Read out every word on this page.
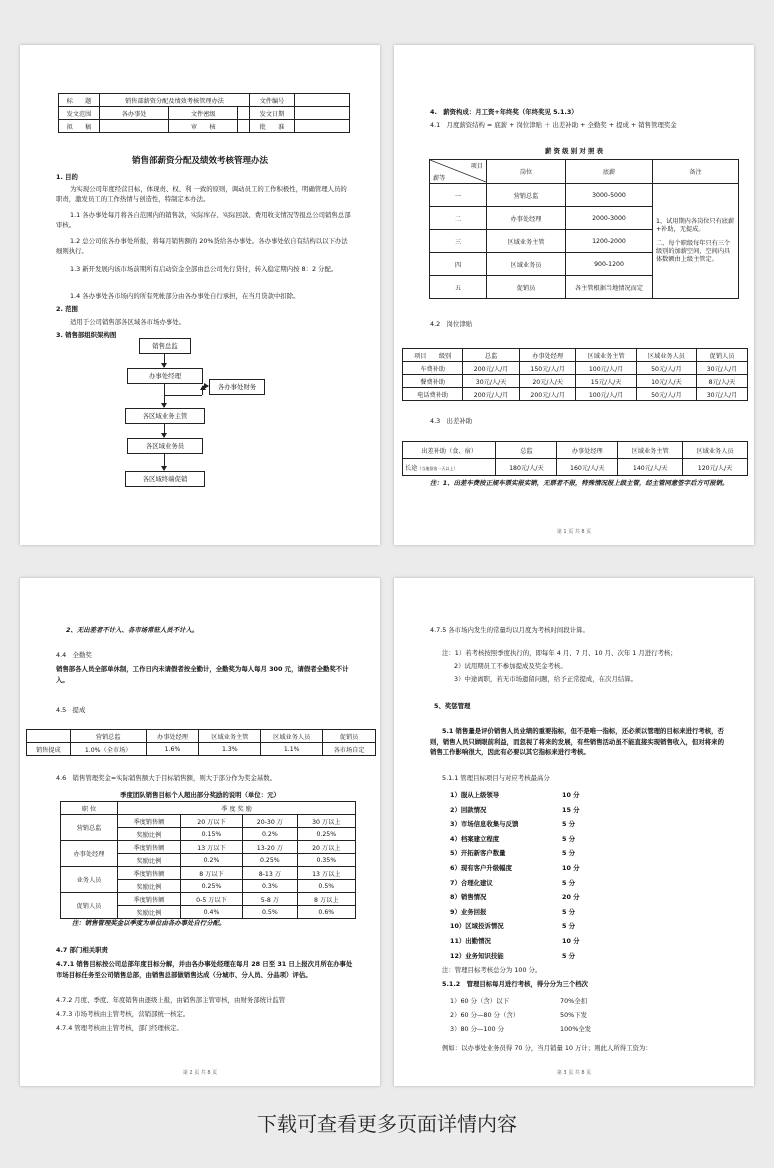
标　　题	销售部薪资分配及绩效考核管理办法			文件编号	
发文范围	各办事处	文件密级		发文日期	
拟　　稿		审　　核		批　　准	
销售部薪资分配及绩效考核管理办法
1. 目的
为实现公司年度经营目标，体现责、权、利 一致的原则，调动员工的工作积极性，明确管理人员的职责，激发员工的工作热情与创造性，特制定本办法。
1.1 各办事处每月将各自范围内的销售款，实际库存、实际回款、费用收支情况等报总公司销售总部审核。
1.2 总公司依各办事处所报，将每月销售额的 20%货给各办事处。各办事处依自有结构以以下办法细则执行。
1.3 新开发展内该市场前期所有启动资金全部由总公司先行贷付，转入稳定期内按 8：2 分配。
1.4 各办事处各市场内的所有死帐部分由各办事处自行承担，在当月贷款中扣除。
2. 范围
适用于公司销售部各区域各市场办事处。
3. 销售部组织架构图
销售总监
办事处经理
各办事处财务
各区域业务主管
各区域业务员
各区域终端促销
4.　薪资构成：月工资+年终奖（年终奖见 5.1.3）
4.1　月度薪资结构 = 底薪 + 岗位津贴 ＋ 出差补助 + 全勤奖 + 提成 + 销售管理奖金
薪 资 级 别 对 照 表
项目
薪等	岗位	底薪	备注
一	营销总监	3000-5000	1、试用期内各岗位只有底薪+补助，无提成。
二、每个职级每年只有三个级别的加薪空间，空间内具体数额由上级主管定。

二	办事处经理	2000-3000	
三	区域业务主管	1200-2000	
四	区域业务员	900-1200	
五	促销员	各主管根据当地情况而定	
4.2　岗位津贴
项目　　级别	总监	办事处经理	区域业务主管	区域业务人员	促销人员
车费补助	200元/人/月	150元/人/月	100元/人/月	50元/人/月	30元/人/月
餐费补助	30元/人/天	20元/人/天	15元/人/天	10元/人/天	8元/人/天
电话费补助	200元/人/月	200元/人/月	100元/人/月	50元/人/月	30元/人/月
4.3　出差补助
出差补助（食、宿）	总监	办事处经理	区域业务主管	区域业务人员
长途（当地留宿一天以上）	180元/人/天	160元/人/天	140元/人/天	120元/人/天
注：1、出差车费按正规车票实报实销，无票者不报，特殊情况报上级主管，经主管同意签字后方可报销。
第 1 页 共 8 页
2、无出差者不计入、各市场常驻人员不计入。
4.4　全勤奖
销售部各人员全部单休制，工作日内未请假者按全勤计，全勤奖为每人每月 300 元，请假者全勤奖不计入。
4.5　提成
	营销总监	办事处经理	区域业务主管	区域业务人员	促销员
销售提成	1.0%（全市场）	1.6%	1.3%	1.1%	各市场自定
4.6　销售管理奖金=实际销售额大于目标销售额，则大于部分作为奖金基数。
季度团队销售目标个人超出部分奖励的说明（单位：元）
职 位	季 度 奖 励			
营销总监	季度销售额	20 万以下	20-30 万	30 万以上
	奖励比例	0.15%	0.2%	0.25%
办事处经理	季度销售额	13 万以下	13-20 万	20 万以上
	奖励比例	0.2%	0.25%	0.35%
业务人员	季度销售额	8 万以下	8-13 万	13 万以上
	奖励比例	0.25%	0.3%	0.5%
促销人员	季度销售额	0-5 万以下	5-8 万	8 万以上
	奖励比例	0.4%	0.5%	0.6%
注：销售管理奖金以季度为单位由各办事处自行分配。
4.7 部门相关职责
4.7.1 销售目标按公司总部年度目标分解，并由各办事处经理在每月 28 日至 31 日上报次月所在办事处市场目标任务至公司销售总部，由销售总部做销售达成（分城市、分人员、分品项）评估。
4.7.2 月度、季度、年度销售由逐级上报，由销售部主管审核，由财务部统计监管
4.7.3 市场考核由主管考核，营销部统一核定。
4.7.4 管理考核由主管考核，部门经理核定。
第 2 页 共 8 页
4.7.5 各市场内发生的常量均以月度为考核时间段计算。
注：1）若考核按照季度执行的，即每年 4 月、7 月、10 月、次年 1 月进行考核；
2）试用期员工不参加提成及奖金考核。
3）中途离职，若无市场遗留问题，给予正常提成，在次月结算。
5、奖惩管理
5.1 销售量是评价销售人员业绩的重要指标，但不是唯一指标，还必须以管理的目标来进行考核，否则，销售人员只顾眼前利益，而忽视了将来的发展，有些销售活动虽不能直接实现销售收入，但对将来的销售工作影响很大，因此有必要以其它指标来进行考核。
5.1.1 管理目标项目与对应考核最高分
1）服从上级领导	10 分
2）回款情况	15 分
3）市场信息收集与反馈	5 分
4）档案建立程度	5 分
5）开拓新客户数量	5 分
6）现有客户升级幅度	10 分
7）合理化建议	5 分
8）销售情况	20 分
9）业务回报	5 分
10）区域投诉情况	5 分
11）出勤情况	10 分
12）业务知识技能	5 分
注：管理目标考核总分为 100 分。
5.1.2　管理目标每月进行考核，得分分为三个档次
1）60 分（含）以下	70%全扣
2）60 分—80 分（含）	50%下发
3）80 分—100 分	100%全发
例如：以办事处业务员得 70 分，当月销量 10 万计；则此人所得工资为：
第 3 页 共 8 页
下载可查看更多页面详情内容
